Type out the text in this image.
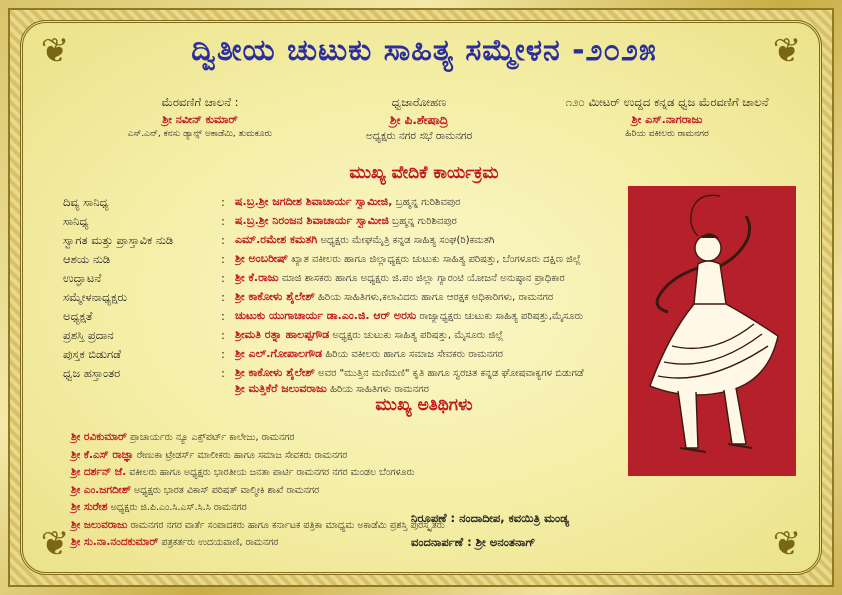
❦	❦
❦	❦
ದ್ವಿತೀಯ ಚುಟುಕು ಸಾಹಿತ್ಯ ಸಮ್ಮೇಳನ -೨೦೨೫
ಮೆರವಣಿಗೆ ಚಾಲನೆ :
ಶ್ರೀ ನವೀನ್ ಕುಮಾರ್
ಎಸ್.ಎನ್, ಕನಸು ಡ್ಯಾನ್ಸ್ ಅಕಾಡೆಮಿ, ತುಮಕೂರು
ಧ್ವಜಾರೋಹಣ
ಶ್ರೀ ಪಿ.ಶೇಷಾದ್ರಿ
ಅಧ್ಯಕ್ಷರು ನಗರ ಸಭೆ ರಾಮನಗರ
೧೨೦ ಮೀಟರ್ ಉದ್ದದ ಕನ್ನಡ ಧ್ವಜ ಮೆರವಣಿಗೆ ಚಾಲನೆ
ಶ್ರೀ ಎಸ್.ನಾಗರಾಜು
ಹಿರಿಯ ವಕೀಲರು ರಾಮನಗರ
ಮುಖ್ಯ ವೇದಿಕೆ ಕಾರ್ಯಕ್ರಮ
ದಿವ್ಯ ಸಾನಿಧ್ಯ	: ಷ.ಬ್ರ.ಶ್ರೀ ಜಗದೀಶ ಶಿವಾಚಾರ್ಯ ಸ್ವಾಮೀಜಿ, ಬ್ರಹ್ಮನ್ನ ಗುರಿಶಿವಪುರ
ಸಾನಿಧ್ಯ	: ಷ.ಬ್ರ.ಶ್ರೀ ನಿರಂಜನ ಶಿವಾಚಾರ್ಯ ಸ್ವಾಮೀಜಿ ಬ್ರಹ್ಮನ್ನ ಗುರಿಶಿವಪುರ
ಸ್ವಾಗತ ಮತ್ತು ಪ್ರಾಸ್ತಾವಿಕ ನುಡಿ	: ಎಮ್.ರಮೇಶ ಕಮತಗಿ ಅಧ್ಯಕ್ಷರು ಮೇಘಮೈತ್ರಿ ಕನ್ನಡ ಸಾಹಿತ್ಯ ಸಂಘ(ರಿ)ಕಮತಗಿ
ಆಶಯ ನುಡಿ	: ಶ್ರೀ ಅಂಬರೀಷ್ ಖ್ಯಾತ ವಕೀಲರು ಹಾಗೂ ಜಿಲ್ಲಾಧ್ಯಕ್ಷರು ಚುಟುಕು ಸಾಹಿತ್ಯ ಪರಿಷತ್ತು, ಬೆಂಗಳೂರು ದಕ್ಷಿಣ ಜಿಲ್ಲೆ
ಉದ್ಘಾಟನೆ	: ಶ್ರೀ ಕೆ.ರಾಜು ಮಾಜಿ ಶಾಸಕರು ಹಾಗೂ ಅಧ್ಯಕ್ಷರು ಜಿ.ಪಂ ಜಿಲ್ಲಾ ಗ್ಯಾರಂಟಿ ಯೋಜನೆ ಅನುಷ್ಠಾನ ಪ್ರಾಧಿಕಾರ
ಸಮ್ಮೇಳನಾಧ್ಯಕ್ಷರು	: ಶ್ರೀ ಕಾಕೋಳು ಶೈಲೇಶ್ ಹಿರಿಯ ಸಾಹಿತಿಗಳು,ಕಲಾವಿದರು ಹಾಗೂ ಆರಕ್ಷಕ ಅಧಿಕಾರಿಗಳು, ರಾಮನಗರ
ಅಧ್ಯಕ್ಷತೆ	: ಚುಟುಕು ಯುಗಾಚಾರ್ಯ ಡಾ.ಎಂ.ಜಿ. ಆರ್ ಅರಸು ರಾಜ್ಯಾಧ್ಯಕ್ಷರು ಚುಟುಕು ಸಾಹಿತ್ಯ ಪರಿಷತ್ತು,ಮೈಸೂರು
ಪ್ರಶಸ್ತಿ ಪ್ರದಾನ	: ಶ್ರೀಮತಿ ರತ್ನಾ ಹಾಲಪ್ಪಗೌಡ ಅಧ್ಯಕ್ಷರು ಚುಟುಕು ಸಾಹಿತ್ಯ ಪರಿಷತ್ತು, ಮೈಸೂರು ಜಿಲ್ಲೆ
ಪುಸ್ತಕ ಬಿಡುಗಡೆ	: ಶ್ರೀ ಎಲ್.ಗೋಪಾಲಗೌಡ ಹಿರಿಯ ವಕೀಲರು ಹಾಗೂ ಸಮಾಜ ಸೇವಕರು ರಾಮನಗರ
ಧ್ವಜ ಹಸ್ತಾಂತರ	: ಶ್ರೀ ಕಾಕೋಳು ಶೈಲೇಶ್ ಅವರ "ಮುತ್ತಿನ ಮಣಿಮಣಿ" ಕೃತಿ ಹಾಗೂ ಸ್ವರಚಿತ ಕನ್ನಡ ಘೋಷವಾಕ್ಯಗಳ ಬಿಡುಗಡೆ
ಶ್ರೀ ಮತ್ತಿಕೆರೆ ಜಲುವರಾಜು ಹಿರಿಯ ಸಾಹಿತಿಗಳು ರಾಮನಗರ
ಮುಖ್ಯ ಅತಿಥಿಗಳು
ಶ್ರೀ ರವಿಕುಮಾರ್ ಪ್ರಾಚಾರ್ಯರು ನ್ಯೂ ಎಕ್ಸ್‌ಪರ್ಟ್ ಕಾಲೇಜು, ರಾಮನಗರ
ಶ್ರೀ ಕೆ.ಎಸ್ ರಾಜ್ಞಾ ರೇಣುಕಾ ಟ್ರೇಡರ್ಸ್ ಮಾಲೀಕರು ಹಾಗೂ ಸಮಾಜ ಸೇವಕರು ರಾಮನಗರ
ಶ್ರೀ ದರ್ಶನ್ ಜೆ. ವಕೀಲರು ಹಾಗೂ ಅಧ್ಯಕ್ಷರು ಭಾರತೀಯ ಜನತಾ ಪಾರ್ಟಿ ರಾಮನಗರ ನಗರ ಮಂಡಲ ಬೆಂಗಳೂರು
ಶ್ರೀ ಎಂ.ಜಗದೀಶ್ ಅಧ್ಯಕ್ಷರು ಭಾರತ ವಿಕಾಸ್ ಪರಿಷತ್ ವಾಲ್ಮೀಕಿ ಶಾಖೆ ರಾಮನಗರ
ಶ್ರೀ ಸುರೇಶ ಅಧ್ಯಕ್ಷರು ಜಿ.ಪಿ.ಎಂ.ಸಿ.ಎಸ್.ಸಿ.ಸಿ ರಾಮನಗರ
ಶ್ರೀ ಜಲುವರಾಜು ರಾಮನಗರ ನಗರ ವಾರ್ತೆ ಸಂಪಾದಕರು ಹಾಗೂ ಕರ್ನಾಟಕ ಪತ್ರಿಕಾ ಮಾಧ್ಯಮ ಅಕಾಡೆಮಿ ಪ್ರಶಸ್ತಿ ಪುರಸ್ಕೃತರು
ಶ್ರೀ ಸು.ನಾ.ನಂದಕುಮಾರ್ ಪತ್ರಕರ್ತರು ಉದಯವಾಣಿ, ರಾಮನಗರ
ನಿರೂಪಣೆ : ನಂದಾದೀಪ, ಕವಯಿತ್ರಿ ಮಂಡ್ಯ
ವಂದನಾರ್ಪಣೆ : ಶ್ರೀ ಅನಂತನಾಗ್
